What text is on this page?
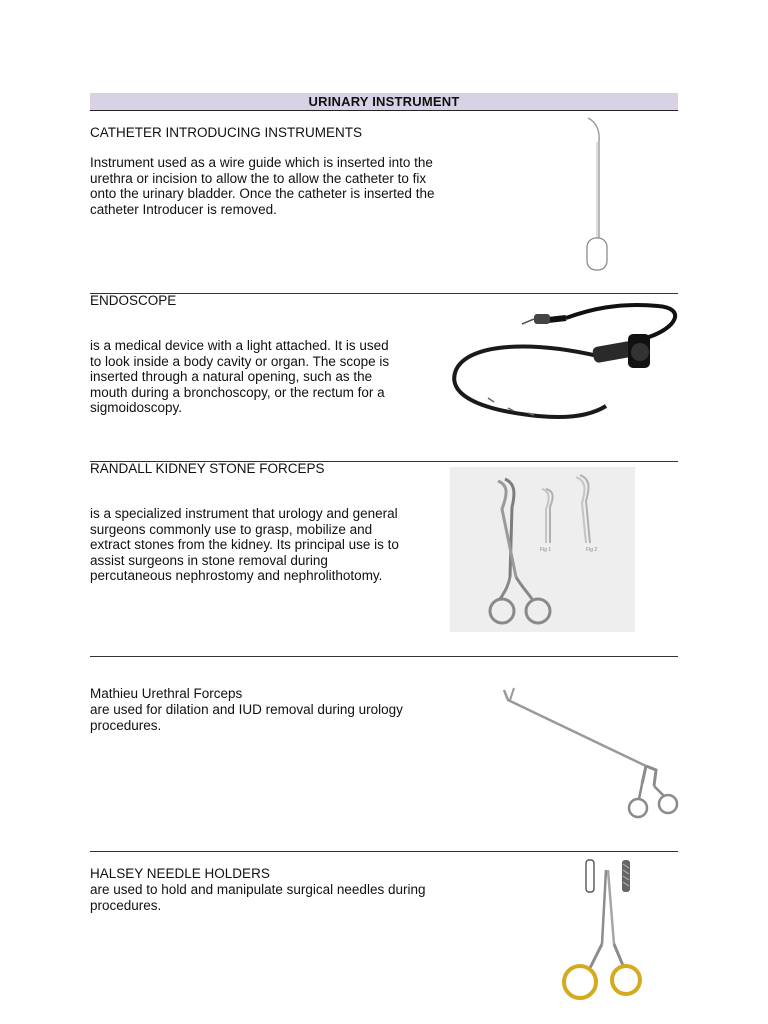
URINARY INSTRUMENT
CATHETER INTRODUCING INSTRUMENTS
Instrument used as a wire guide which is inserted into the
urethra or incision to allow the to allow the catheter to fix
onto the urinary bladder. Once the catheter is inserted the
catheter Introducer is removed.
ENDOSCOPE
is a medical device with a light attached. It is used
to look inside a body cavity or organ. The scope is
inserted through a natural opening, such as the
mouth during a bronchoscopy, or the rectum for a
sigmoidoscopy.
RANDALL KIDNEY STONE FORCEPS
is a specialized instrument that urology and general
surgeons commonly use to grasp, mobilize and
extract stones from the kidney. Its principal use is to
assist surgeons in stone removal during
percutaneous nephrostomy and nephrolithotomy.
Fig 1	Fig 2
Mathieu Urethral Forceps
are used for dilation and IUD removal during urology
procedures.
HALSEY NEEDLE HOLDERS
are used to hold and manipulate surgical needles during
procedures.
